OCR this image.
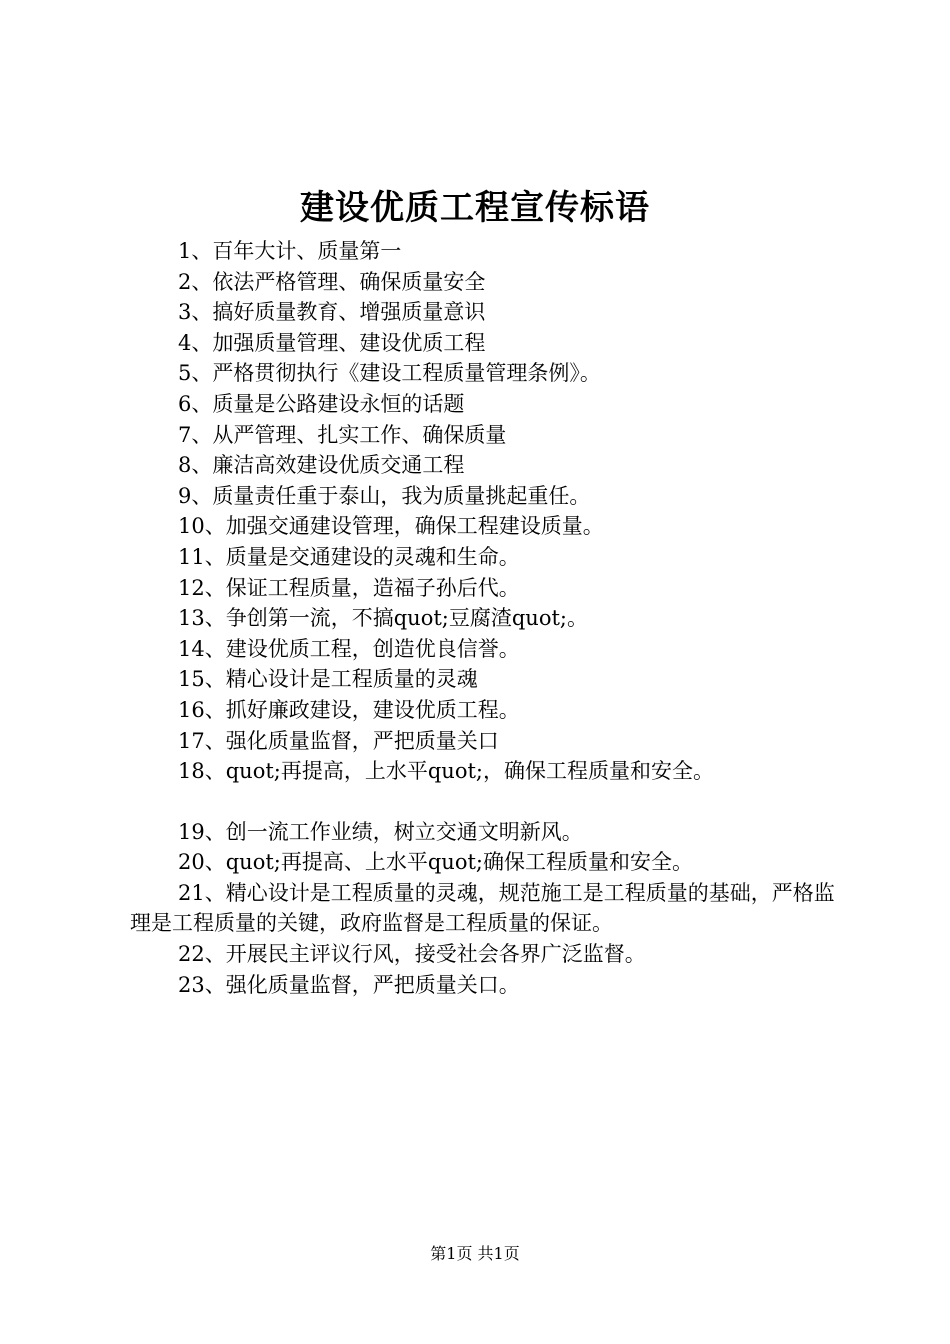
建设优质工程宣传标语

1、百年大计、质量第一

2、依法严格管理、确保质量安全

3、搞好质量教育、增强质量意识

4、加强质量管理、建设优质工程

5、严格贯彻执行《建设工程质量管理条例》。

6、质量是公路建设永恒的话题

7、从严管理、扎实工作、确保质量

8、廉洁高效建设优质交通工程

9、质量责任重于泰山，我为质量挑起重任。

10、加强交通建设管理，确保工程建设质量。

11、质量是交通建设的灵魂和生命。

12、保证工程质量，造福子孙后代。

13、争创第一流，不搞quot;豆腐渣quot;。

14、建设优质工程，创造优良信誉。

15、精心设计是工程质量的灵魂

16、抓好廉政建设，建设优质工程。

17、强化质量监督，严把质量关口

18、quot;再提高，上水平quot;，确保工程质量和安全。

19、创一流工作业绩，树立交通文明新风。

20、quot;再提高、上水平quot;确保工程质量和安全。

21、精心设计是工程质量的灵魂，规范施工是工程质量的基础，严格监理是工程质量的关键，政府监督是工程质量的保证。

22、开展民主评议行风，接受社会各界广泛监督。

23、强化质量监督，严把质量关口。

第1页 共1页
